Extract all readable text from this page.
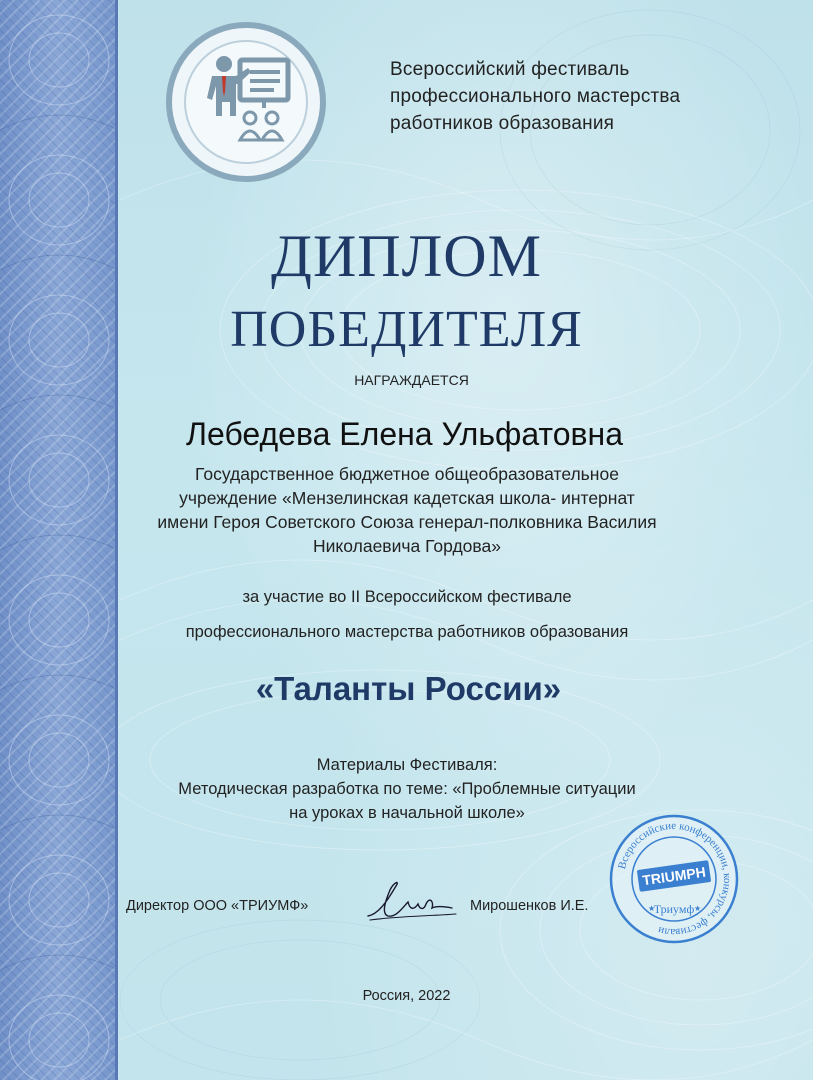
Всероссийский фестиваль
профессионального мастерства
работников образования
ДИПЛОМ
ПОБЕДИТЕЛЯ
НАГРАЖДАЕТСЯ
Лебедева Елена Ульфатовна
Государственное бюджетное общеобразовательное
учреждение «Мензелинская кадетская школа- интернат
имени Героя Советского Союза генерал-полковника Василия
Николаевича Гордова»
за участие во II Всероссийском фестивале
профессионального мастерства работников образования
«Таланты России»
Материалы Фестиваля:
Методическая разработка по теме: «Проблемные ситуации
на уроках в начальной школе»
Директор ООО «ТРИУМФ»	Мирошенков И.Е.
Всероссийские конференции, конкурсы, фестивали
TRIUMPH
Триумф
★	★
Россия, 2022
